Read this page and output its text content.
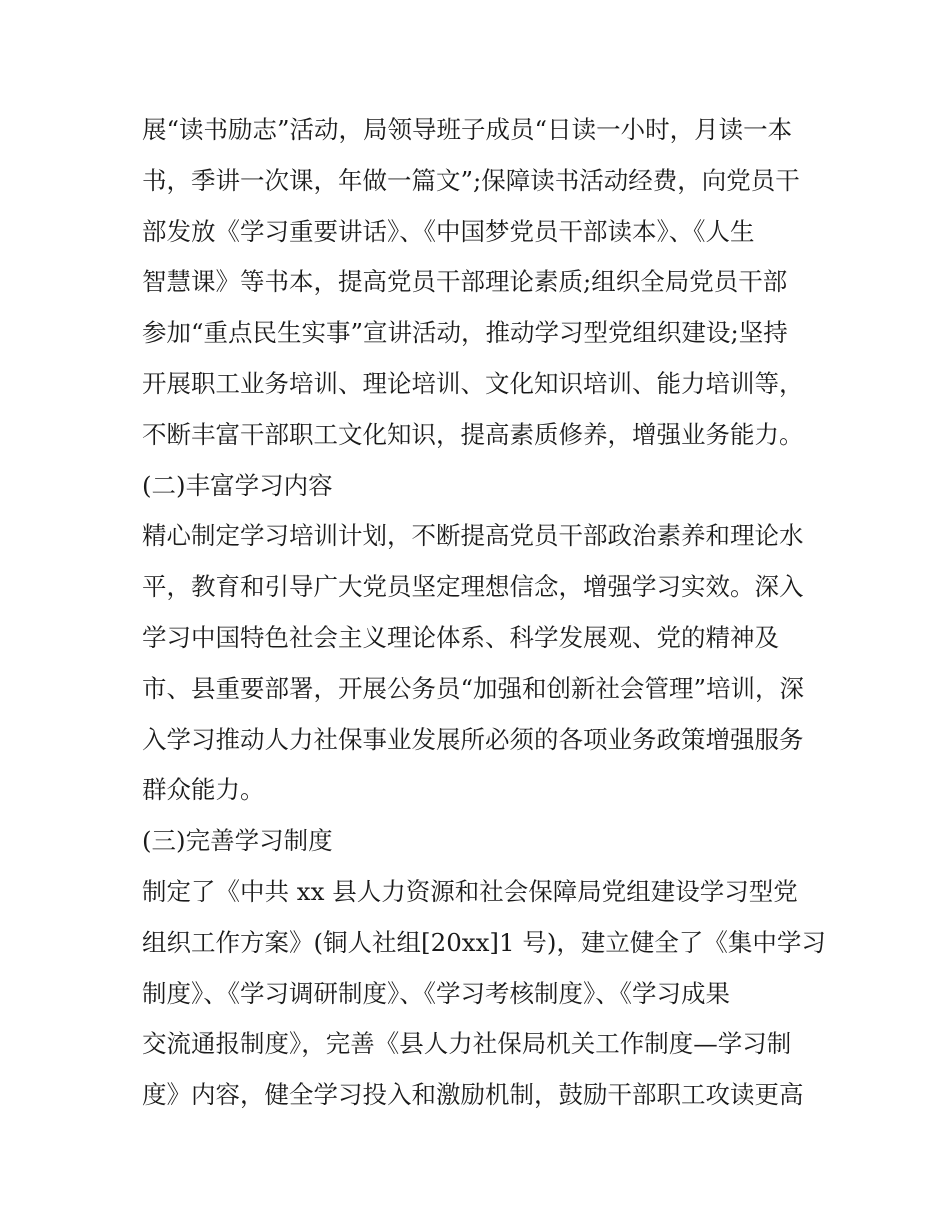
展“读书励志”活动，局领导班子成员“日读一小时，月读一本
书，季讲一次课，年做一篇文”;保障读书活动经费，向党员干
部发放《学习重要讲话》、《中国梦党员干部读本》、《人生
智慧课》等书本，提高党员干部理论素质;组织全局党员干部
参加“重点民生实事”宣讲活动，推动学习型党组织建设;坚持
开展职工业务培训、理论培训、文化知识培训、能力培训等，
不断丰富干部职工文化知识，提高素质修养，增强业务能力。
(二)丰富学习内容
精心制定学习培训计划，不断提高党员干部政治素养和理论水
平，教育和引导广大党员坚定理想信念，增强学习实效。深入
学习中国特色社会主义理论体系、科学发展观、党的精神及
市、县重要部署，开展公务员“加强和创新社会管理”培训，深
入学习推动人力社保事业发展所必须的各项业务政策增强服务
群众能力。
(三)完善学习制度
制定了《中共 xx 县人力资源和社会保障局党组建设学习型党
组织工作方案》(铜人社组[20xx]1 号)，建立健全了《集中学习
制度》、《学习调研制度》、《学习考核制度》、《学习成果
交流通报制度》，完善《县人力社保局机关工作制度—学习制
度》内容，健全学习投入和激励机制，鼓励干部职工攻读更高
